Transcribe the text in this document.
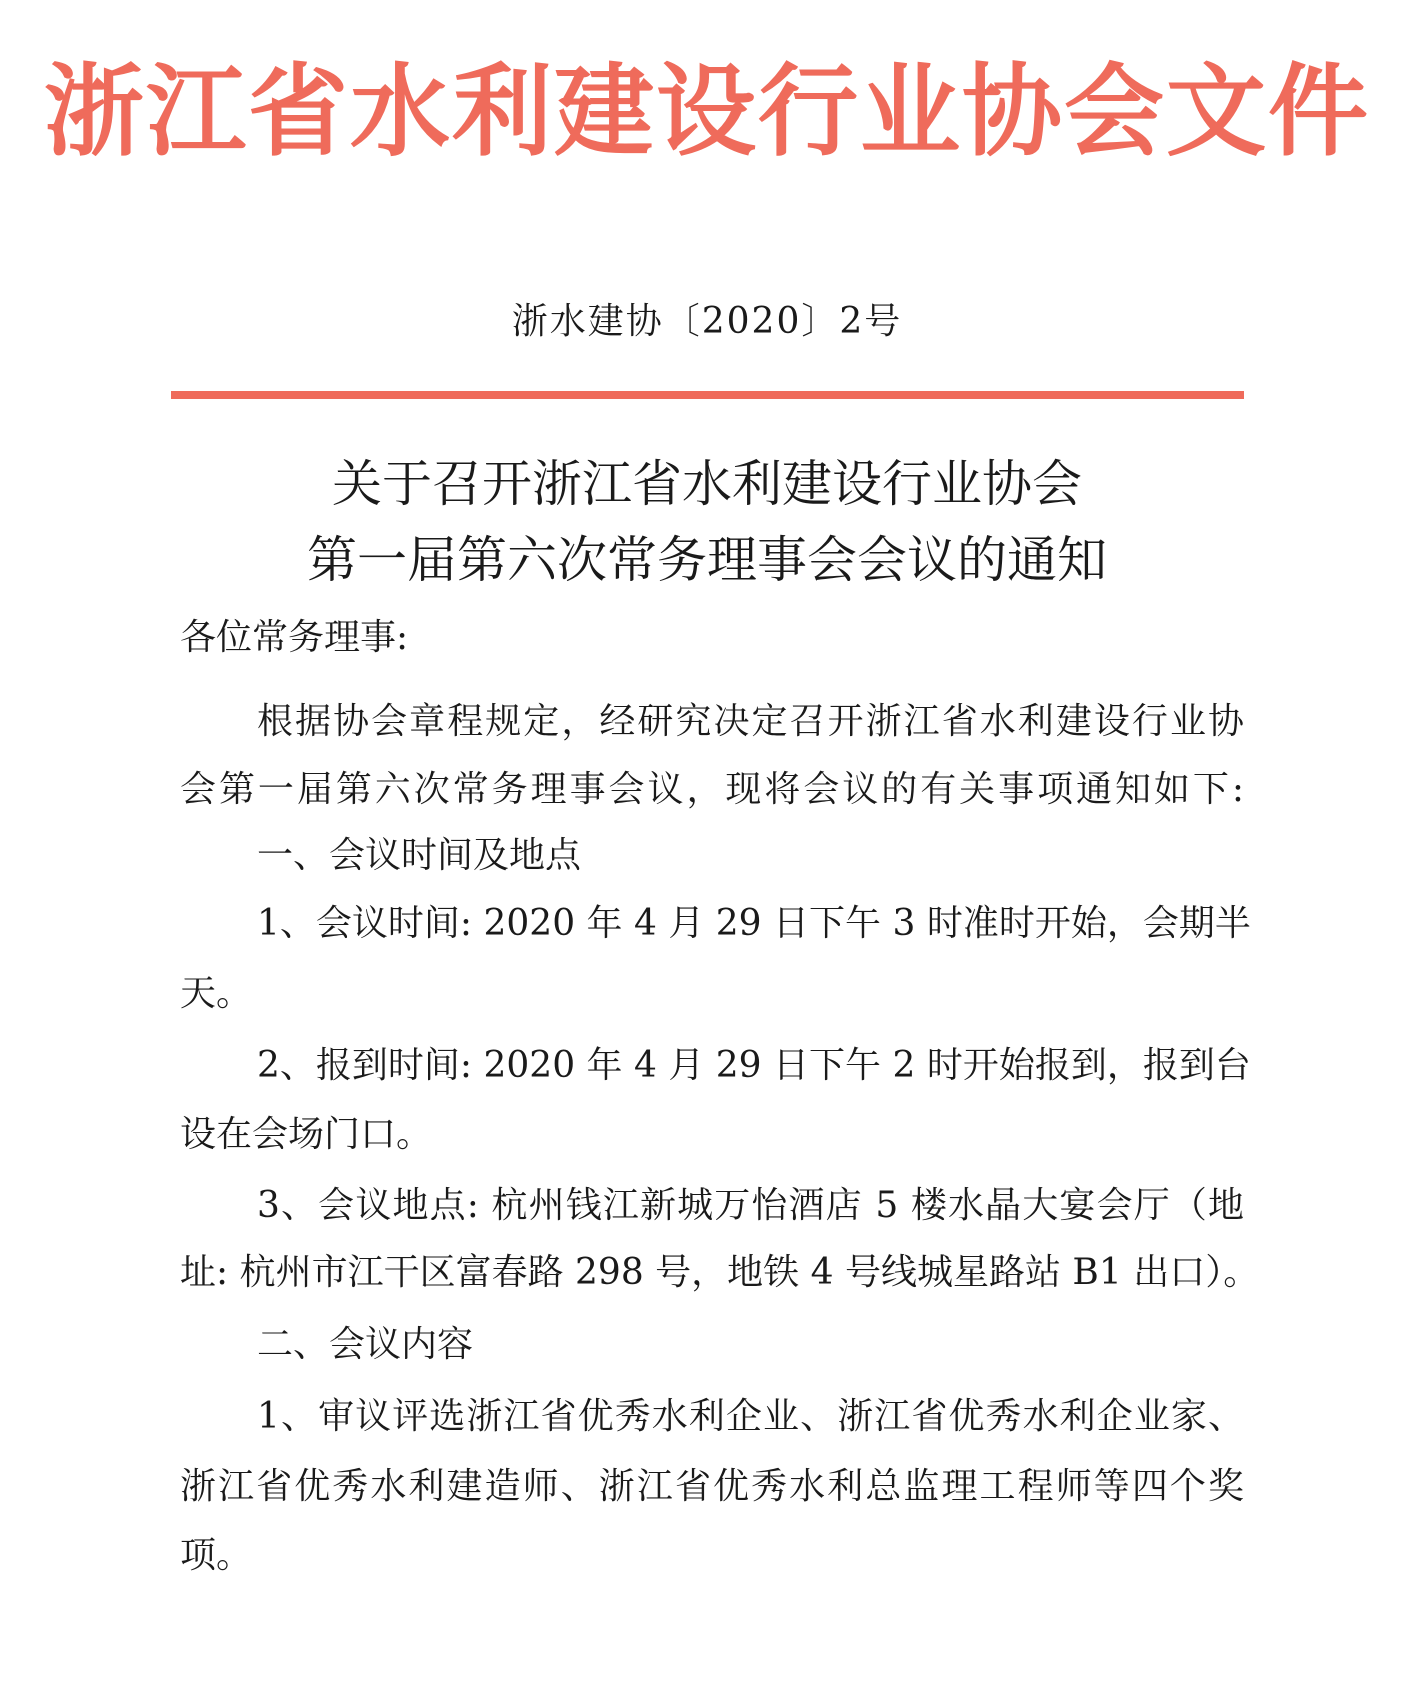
浙江省水利建设行业协会文件
浙水建协〔2020〕2号
关于召开浙江省水利建设行业协会
第一届第六次常务理事会会议的通知
各位常务理事:
根据协会章程规定，经研究决定召开浙江省水利建设行业协
会第一届第六次常务理事会议，现将会议的有关事项通知如下:
一、会议时间及地点
1、会议时间: 2020 年 4 月 29 日下午 3 时准时开始，会期半
天。
2、报到时间: 2020 年 4 月 29 日下午 2 时开始报到，报到台
设在会场门口。
3、会议地点: 杭州钱江新城万怡酒店 5 楼水晶大宴会厅（地
址: 杭州市江干区富春路 298 号，地铁 4 号线城星路站 B1 出口）。
二、会议内容
1、审议评选浙江省优秀水利企业、浙江省优秀水利企业家、
浙江省优秀水利建造师、浙江省优秀水利总监理工程师等四个奖
项。
